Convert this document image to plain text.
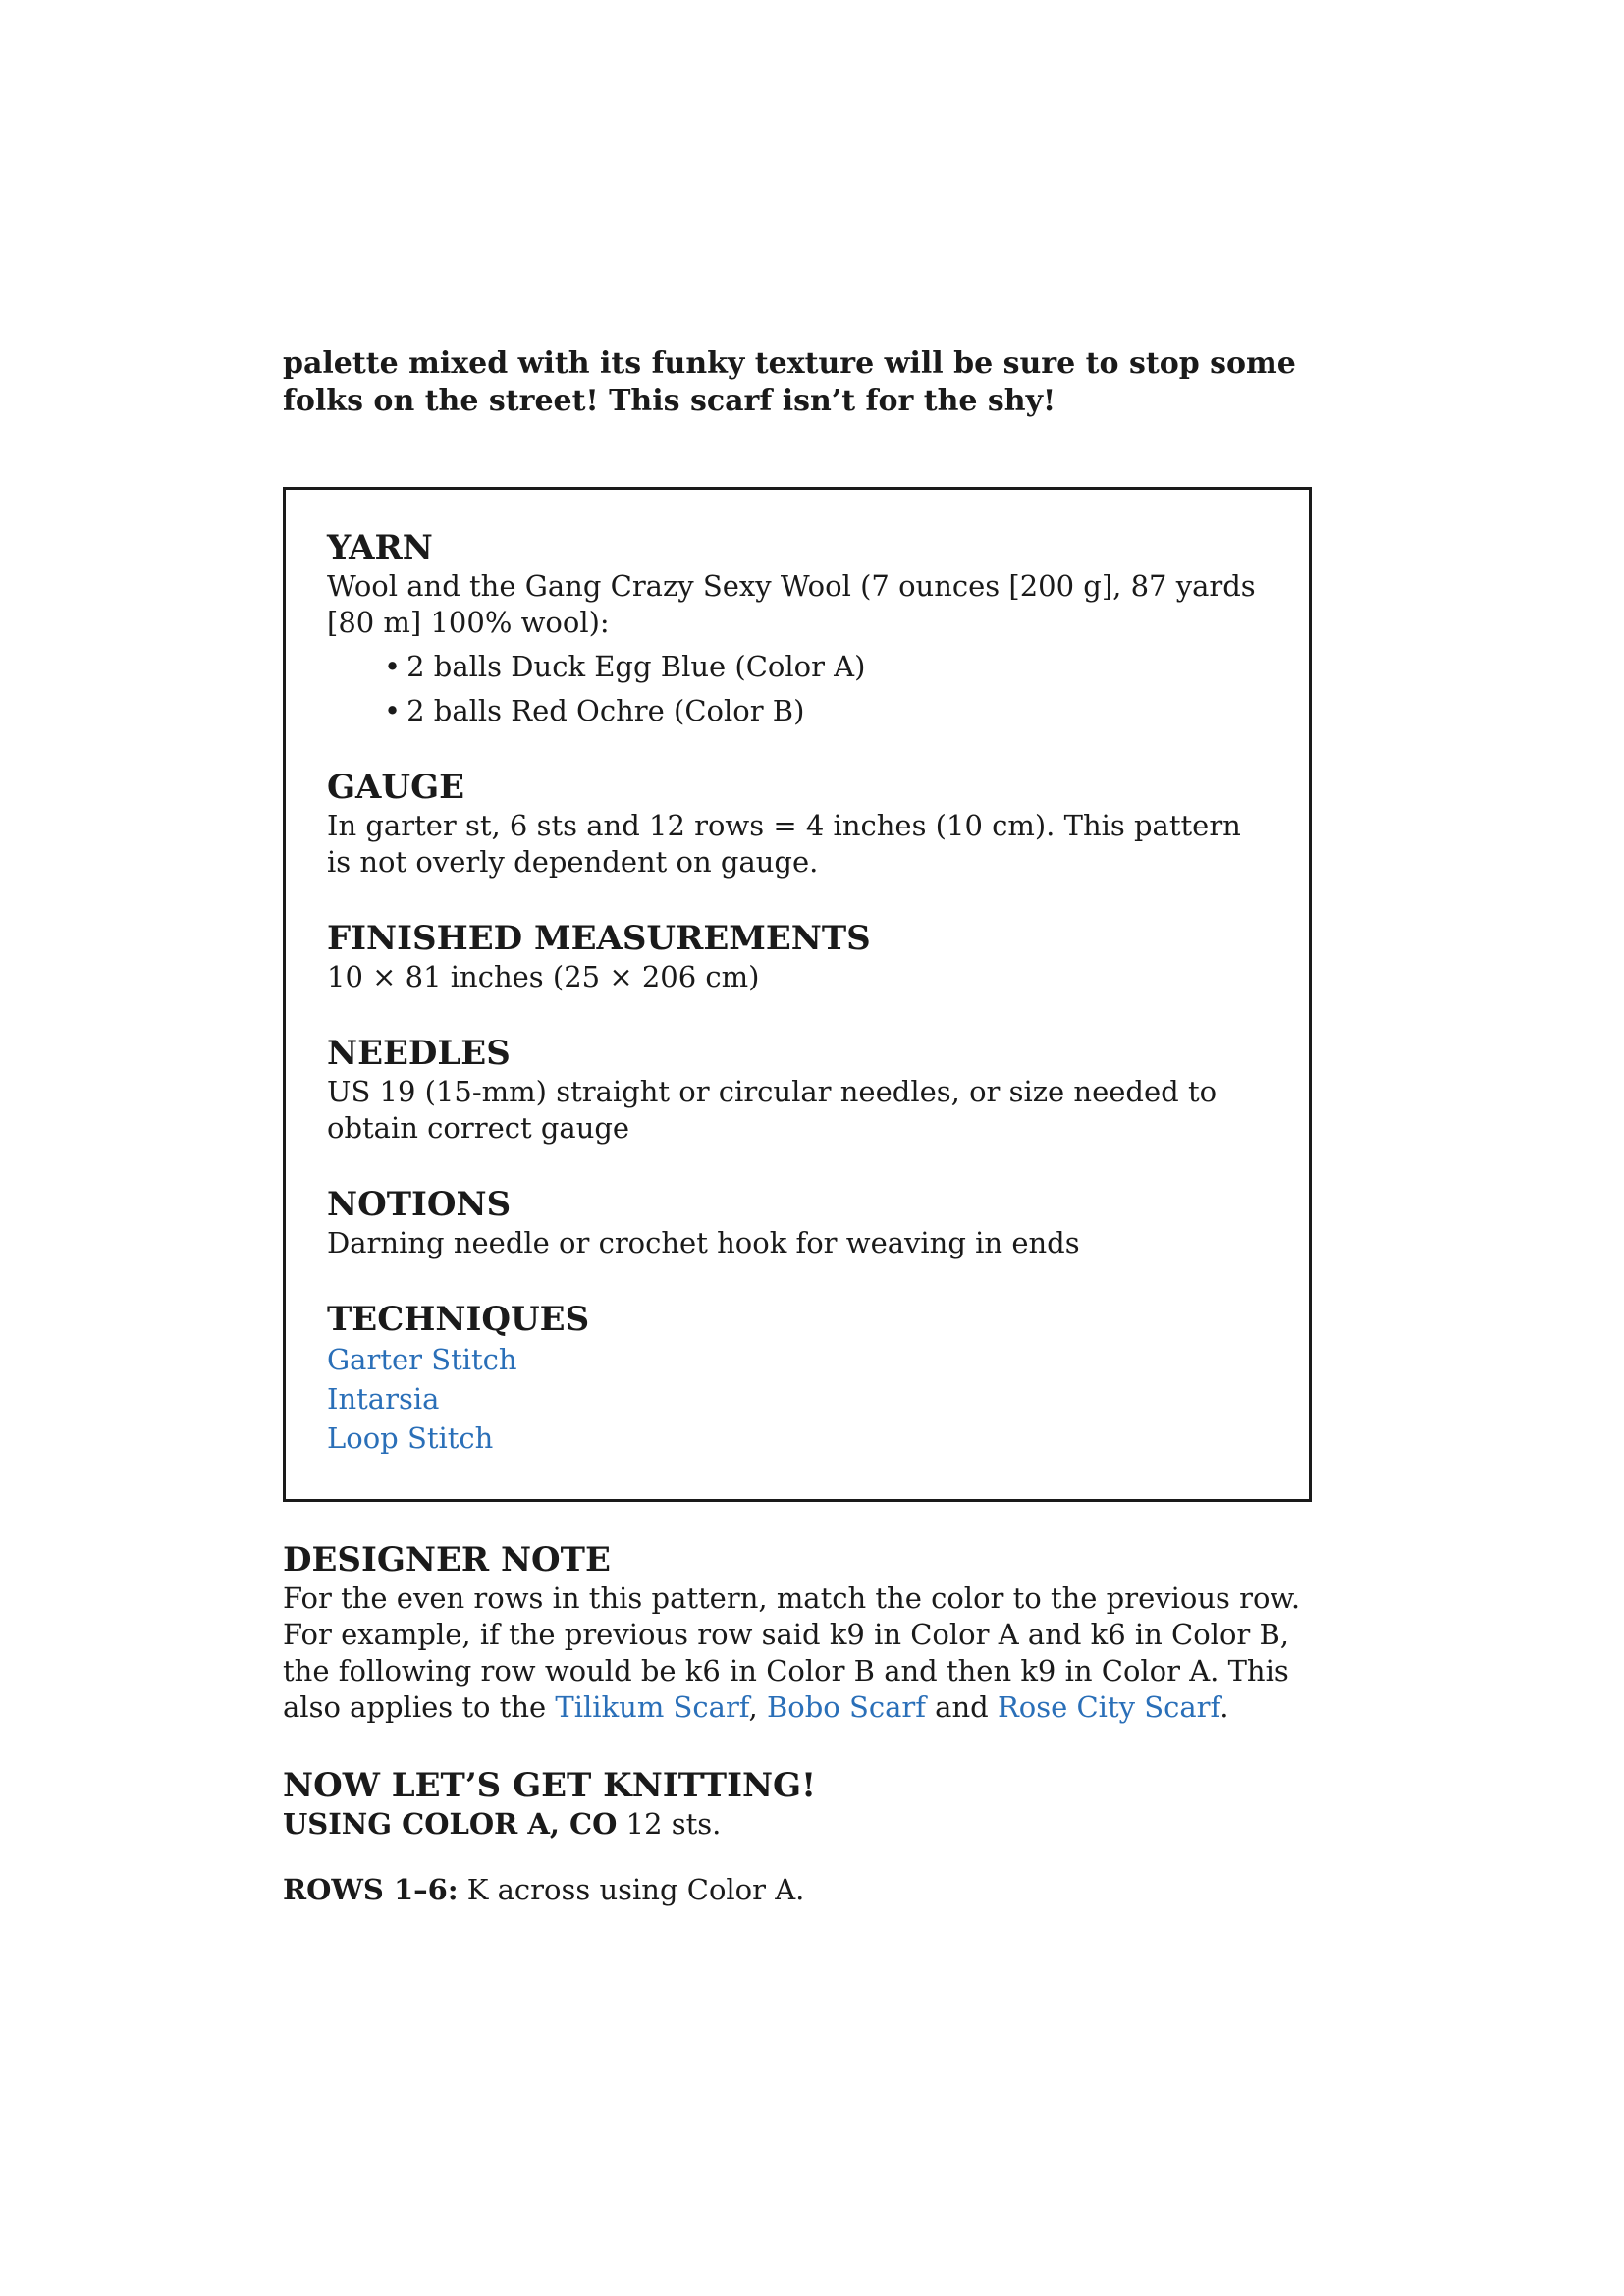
palette mixed with its funky texture will be sure to stop some folks on the street! This scarf isn’t for the shy!

YARN

Wool and the Gang Crazy Sexy Wool (7 ounces [200 g], 87 yards [80 m] 100% wool):

• 2 balls Duck Egg Blue (Color A)
• 2 balls Red Ochre (Color B)
GAUGE

In garter st, 6 sts and 12 rows = 4 inches (10 cm). This pattern is not overly dependent on gauge.

FINISHED MEASUREMENTS

10 × 81 inches (25 × 206 cm)

NEEDLES

US 19 (15-mm) straight or circular needles, or size needed to obtain correct gauge

NOTIONS

Darning needle or crochet hook for weaving in ends

TECHNIQUES
Garter Stitch
Intarsia
Loop Stitch
DESIGNER NOTE

For the even rows in this pattern, match the color to the previous row. For example, if the previous row said k9 in Color A and k6 in Color B, the following row would be k6 in Color B and then k9 in Color A. This also applies to the Tilikum Scarf, Bobo Scarf and Rose City Scarf.

NOW LET’S GET KNITTING!

USING COLOR A, CO 12 sts.

ROWS 1–6: K across using Color A.
